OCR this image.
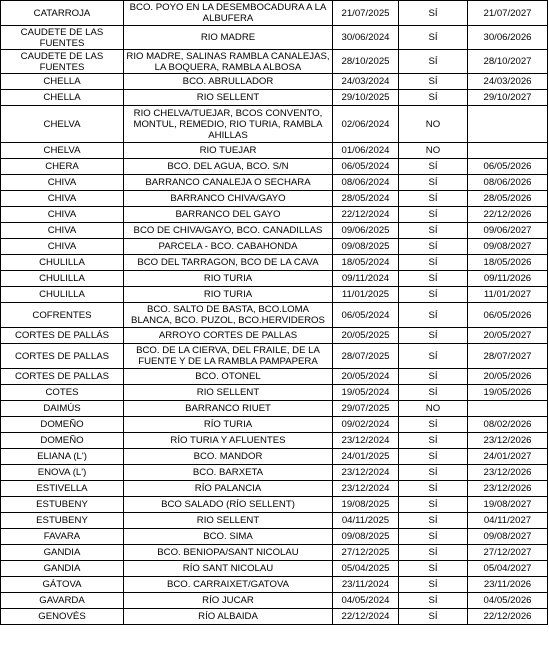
CATARROJA	BCO. POYO EN LA DESEMBOCADURA A LA ALBUFERA	21/07/2025	SÍ	21/07/2027
CAUDETE DE LAS FUENTES	RIO MADRE	30/06/2024	SÍ	30/06/2026
CAUDETE DE LAS FUENTES	RIO MADRE, SALINAS RAMBLA CANALEJAS, LA BOQUERA, RAMBLA ALBOSA	28/10/2025	SÍ	28/10/2027
CHELLA	BCO. ABRULLADOR	24/03/2024	SÍ	24/03/2026
CHELLA	RIO SELLENT	29/10/2025	SÍ	29/10/2027
CHELVA	RIO CHELVA/TUEJAR, BCOS CONVENTO, MONTUL, REMEDIO, RIO TURIA, RAMBLA AHILLAS	02/06/2024	NO	
CHELVA	RIO TUEJAR	01/06/2024	NO	
CHERA	BCO. DEL AGUA, BCO. S/N	06/05/2024	SÍ	06/05/2026
CHIVA	BARRANCO CANALEJA O SECHARA	08/06/2024	SÍ	08/06/2026
CHIVA	BARRANCO CHIVA/GAYO	28/05/2024	SÍ	28/05/2026
CHIVA	BARRANCO DEL GAYO	22/12/2024	SÍ	22/12/2026
CHIVA	BCO DE CHIVA/GAYO, BCO. CANADILLAS	09/06/2025	SÍ	09/06/2027
CHIVA	PARCELA - BCO. CABAHONDA	09/08/2025	SÍ	09/08/2027
CHULILLA	BCO DEL TARRAGON, BCO DE LA CAVA	18/05/2024	SÍ	18/05/2026
CHULILLA	RIO TURIA	09/11/2024	SÍ	09/11/2026
CHULILLA	RIO TURIA	11/01/2025	SÍ	11/01/2027
COFRENTES	BCO. SALTO DE BASTA, BCO.LOMA BLANCA, BCO. PUZOL, BCO.HERVIDEROS	06/05/2024	SÍ	06/05/2026
CORTES DE PALLÁS	ARROYO CORTES DE PALLAS	20/05/2025	SÍ	20/05/2027
CORTES DE PALLAS	BCO. DE LA CIERVA, DEL FRAILE, DE LA FUENTE Y DE LA RAMBLA PAMPAPERA	28/07/2025	SÍ	28/07/2027
CORTES DE PALLAS	BCO. OTONEL	20/05/2024	SÍ	20/05/2026
COTES	RIO SELLENT	19/05/2024	SÍ	19/05/2026
DAIMÚS	BARRANCO RIUET	29/07/2025	NO	
DOMEÑO	RÍO TURIA	09/02/2024	SÍ	08/02/2026
DOMEÑO	RÍO TURIA Y AFLUENTES	23/12/2024	SÍ	23/12/2026
ELIANA (L')	BCO. MANDOR	24/01/2025	SÍ	24/01/2027
ENOVA (L')	BCO. BARXETA	23/12/2024	SÍ	23/12/2026
ESTIVELLA	RÍO PALANCIA	23/12/2024	SÍ	23/12/2026
ESTUBENY	BCO SALADO (RÍO SELLENT)	19/08/2025	SÍ	19/08/2027
ESTUBENY	RIO SELLENT	04/11/2025	SÍ	04/11/2027
FAVARA	BCO. SIMA	09/08/2025	SÍ	09/08/2027
GANDIA	BCO. BENIOPA/SANT NICOLAU	27/12/2025	SÍ	27/12/2027
GANDIA	RÍO SANT NICOLAU	05/04/2025	SÍ	05/04/2027
GÁTOVA	BCO. CARRAIXET/GATOVA	23/11/2024	SÍ	23/11/2026
GAVARDA	RÍO JUCAR	04/05/2024	SÍ	04/05/2026
GENOVÉS	RÍO ALBAIDA	22/12/2024	SÍ	22/12/2026
